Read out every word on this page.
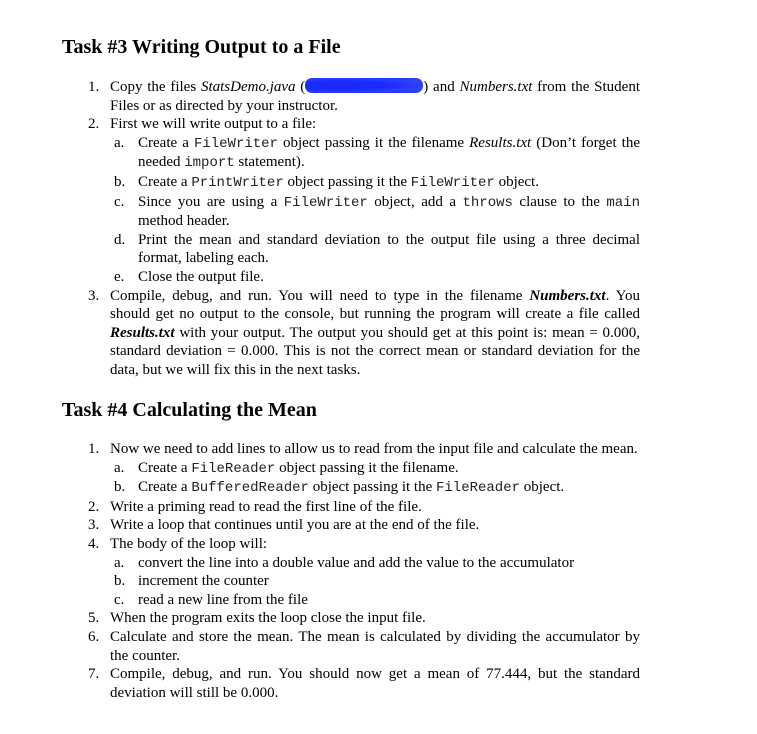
Task #3 Writing Output to a File
1. Copy the files StatsDemo.java (	) and Numbers.txt from the Student Files or as directed by your instructor.
2. First we will write output to a file:
a. Create a FileWriter object passing it the filename Results.txt (Don’t forget the needed import statement).
b. Create a PrintWriter object passing it the FileWriter object.
c. Since you are using a FileWriter object, add a throws clause to the main method header.
d. Print the mean and standard deviation to the output file using a three decimal format, labeling each.
e. Close the output file.
3. Compile, debug, and run. You will need to type in the filename Numbers.txt. You should get no output to the console, but running the program will create a file called Results.txt with your output. The output you should get at this point is: mean = 0.000, standard deviation = 0.000. This is not the correct mean or standard deviation for the data, but we will fix this in the next tasks.
Task #4 Calculating the Mean
1. Now we need to add lines to allow us to read from the input file and calculate the mean.
a. Create a FileReader object passing it the filename.
b. Create a BufferedReader object passing it the FileReader object.
2. Write a priming read to read the first line of the file.
3. Write a loop that continues until you are at the end of the file.
4. The body of the loop will:
a. convert the line into a double value and add the value to the accumulator
b. increment the counter
c. read a new line from the file
5. When the program exits the loop close the input file.
6. Calculate and store the mean. The mean is calculated by dividing the accumulator by the counter.
7. Compile, debug, and run. You should now get a mean of 77.444, but the standard deviation will still be 0.000.
